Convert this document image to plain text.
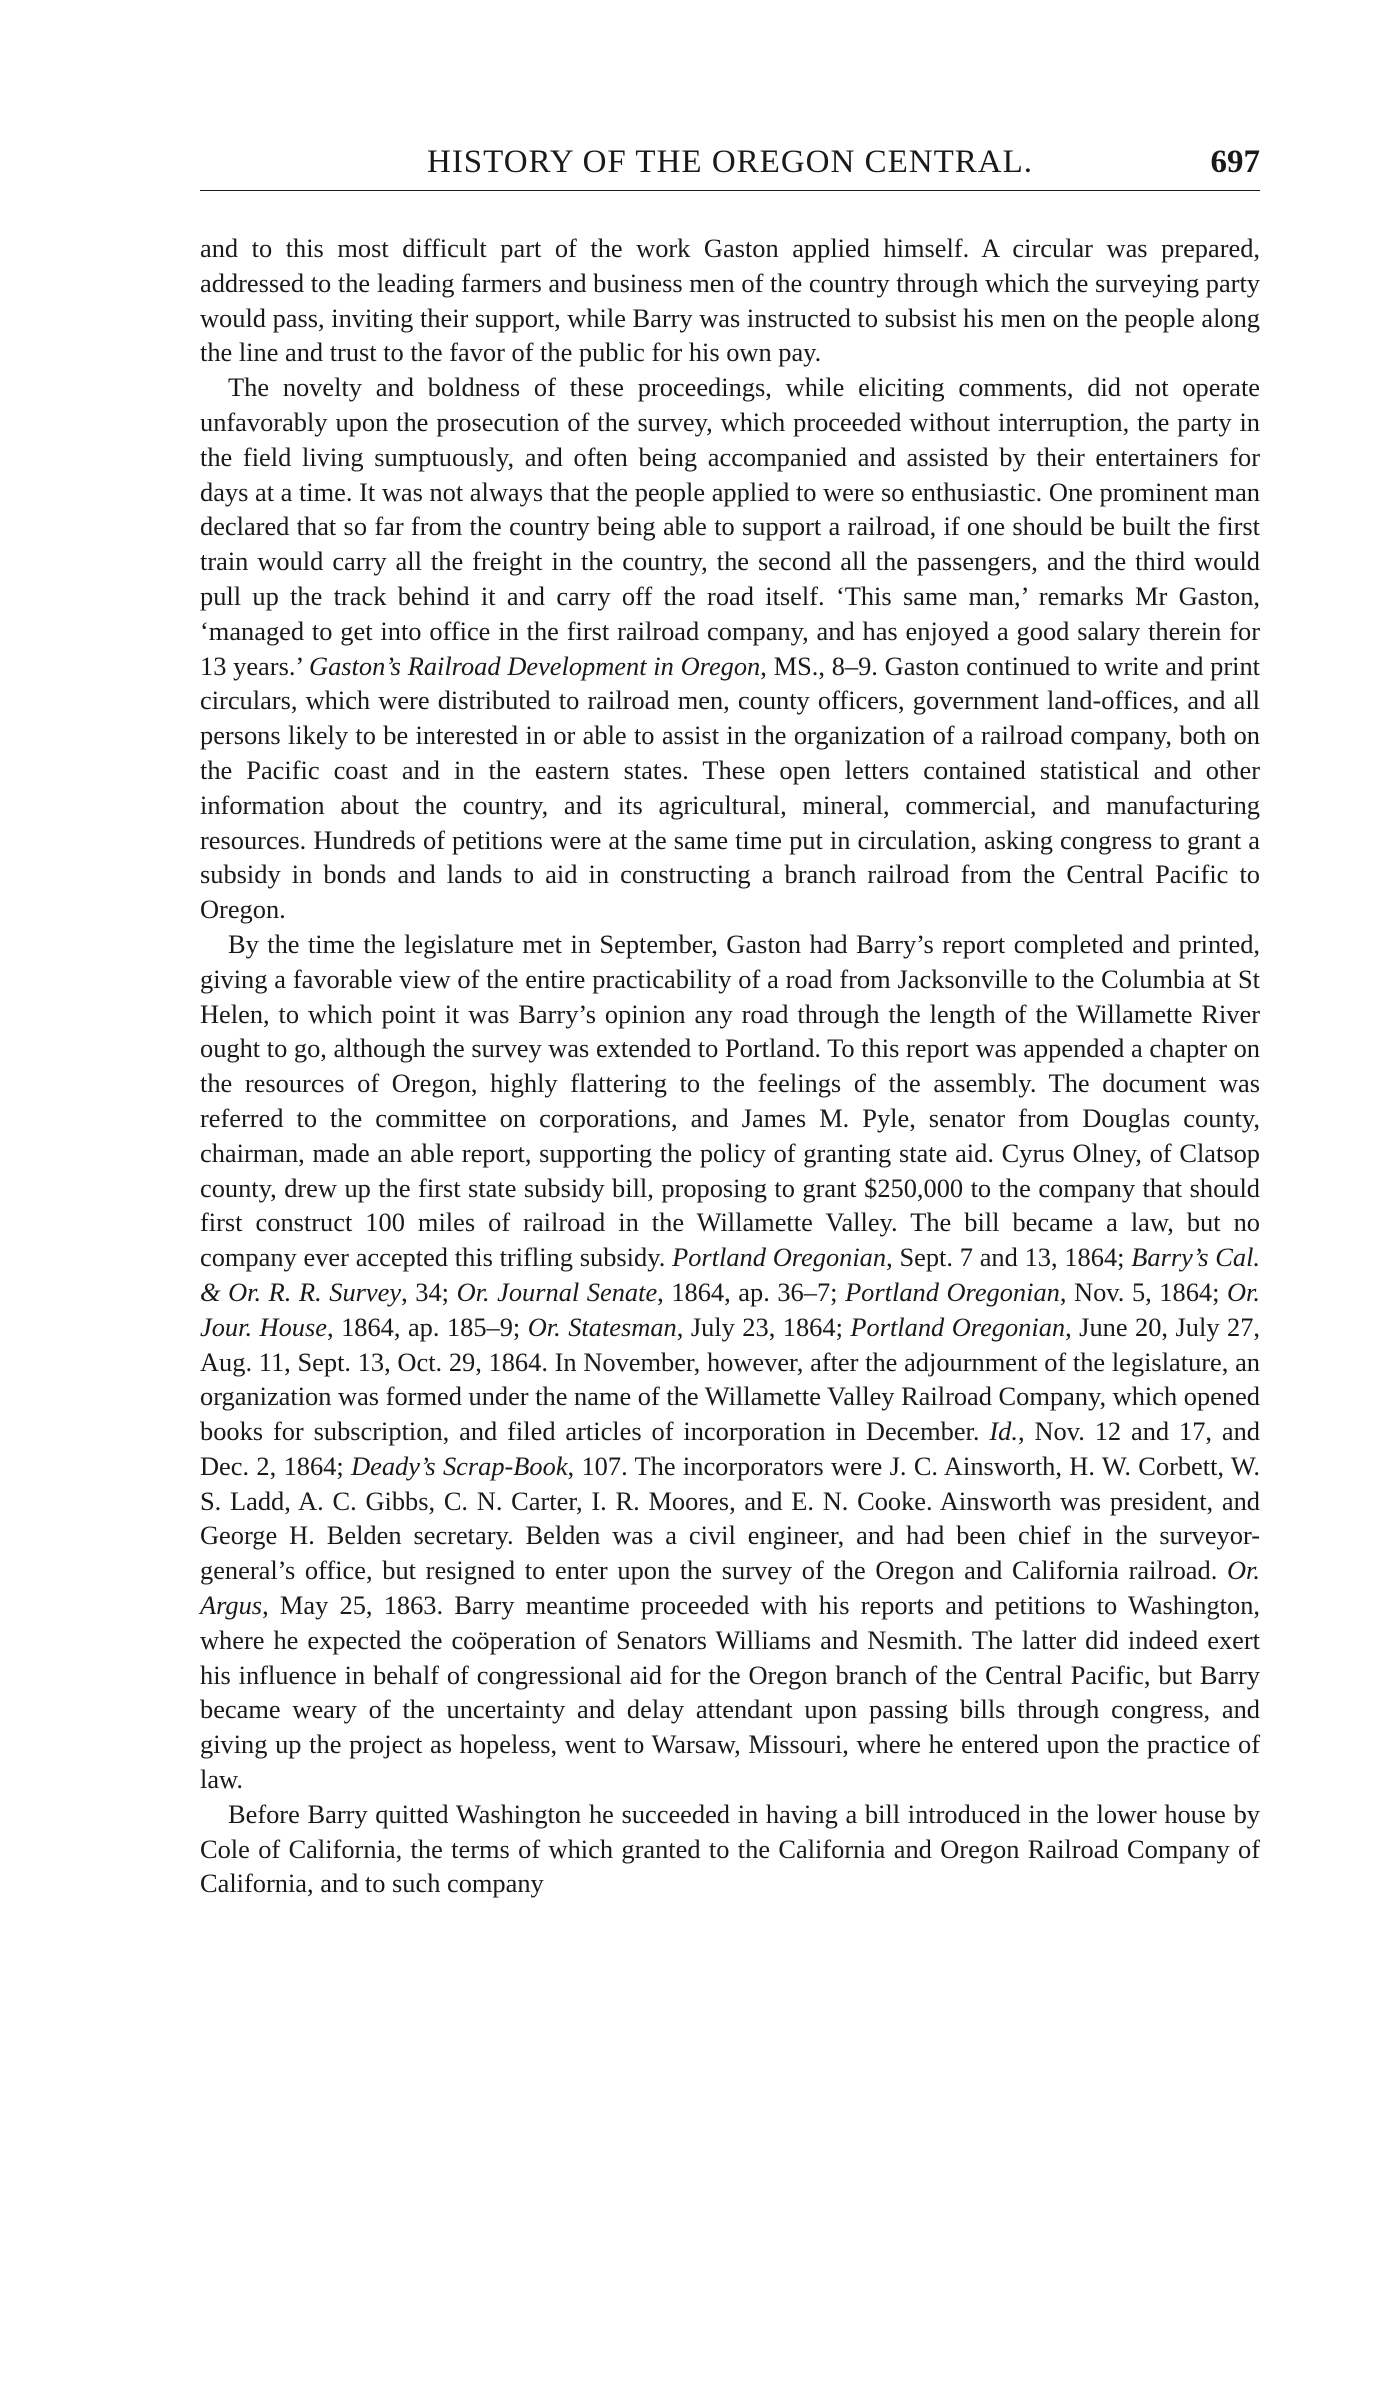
HISTORY OF THE OREGON CENTRAL.	697

and to this most difficult part of the work Gaston applied himself. A circular was prepared, addressed to the leading farmers and business men of the country through which the surveying party would pass, inviting their support, while Barry was instructed to subsist his men on the people along the line and trust to the favor of the public for his own pay.

The novelty and boldness of these proceedings, while eliciting comments, did not operate unfavorably upon the prosecution of the survey, which proceeded without interruption, the party in the field living sumptuously, and often being accompanied and assisted by their entertainers for days at a time. It was not always that the people applied to were so enthusiastic. One prominent man declared that so far from the country being able to support a railroad, if one should be built the first train would carry all the freight in the country, the second all the passengers, and the third would pull up the track behind it and carry off the road itself. ‘This same man,’ remarks Mr Gaston, ‘managed to get into office in the first railroad company, and has enjoyed a good salary therein for 13 years.’ Gaston’s Railroad Development in Oregon, MS., 8–9. Gaston continued to write and print circulars, which were distributed to railroad men, county officers, government land-offices, and all persons likely to be interested in or able to assist in the organization of a railroad company, both on the Pacific coast and in the eastern states. These open letters contained statistical and other information about the country, and its agricultural, mineral, commercial, and manufacturing resources. Hundreds of petitions were at the same time put in circulation, asking congress to grant a subsidy in bonds and lands to aid in constructing a branch railroad from the Central Pacific to Oregon.

By the time the legislature met in September, Gaston had Barry’s report completed and printed, giving a favorable view of the entire practicability of a road from Jacksonville to the Columbia at St Helen, to which point it was Barry’s opinion any road through the length of the Willamette River ought to go, although the survey was extended to Portland. To this report was appended a chapter on the resources of Oregon, highly flattering to the feelings of the assembly. The document was referred to the committee on corporations, and James M. Pyle, senator from Douglas county, chairman, made an able report, supporting the policy of granting state aid. Cyrus Olney, of Clatsop county, drew up the first state subsidy bill, proposing to grant $250,000 to the company that should first construct 100 miles of railroad in the Willamette Valley. The bill became a law, but no company ever accepted this trifling subsidy. Portland Oregonian, Sept. 7 and 13, 1864; Barry’s Cal. & Or. R. R. Survey, 34; Or. Journal Senate, 1864, ap. 36–7; Portland Oregonian, Nov. 5, 1864; Or. Jour. House, 1864, ap. 185–9; Or. Statesman, July 23, 1864; Portland Oregonian, June 20, July 27, Aug. 11, Sept. 13, Oct. 29, 1864. In November, however, after the adjournment of the legislature, an organization was formed under the name of the Willamette Valley Railroad Company, which opened books for subscription, and filed articles of incorporation in December. Id., Nov. 12 and 17, and Dec. 2, 1864; Deady’s Scrap-Book, 107. The incorporators were J. C. Ainsworth, H. W. Corbett, W. S. Ladd, A. C. Gibbs, C. N. Carter, I. R. Moores, and E. N. Cooke. Ainsworth was president, and George H. Belden secretary. Belden was a civil engineer, and had been chief in the surveyor-general’s office, but resigned to enter upon the survey of the Oregon and California railroad. Or. Argus, May 25, 1863. Barry meantime proceeded with his reports and petitions to Washington, where he expected the coöperation of Senators Williams and Nesmith. The latter did indeed exert his influence in behalf of congressional aid for the Oregon branch of the Central Pacific, but Barry became weary of the uncertainty and delay attendant upon passing bills through congress, and giving up the project as hopeless, went to Warsaw, Missouri, where he entered upon the practice of law.

Before Barry quitted Washington he succeeded in having a bill introduced in the lower house by Cole of California, the terms of which granted to the California and Oregon Railroad Company of California, and to such company
